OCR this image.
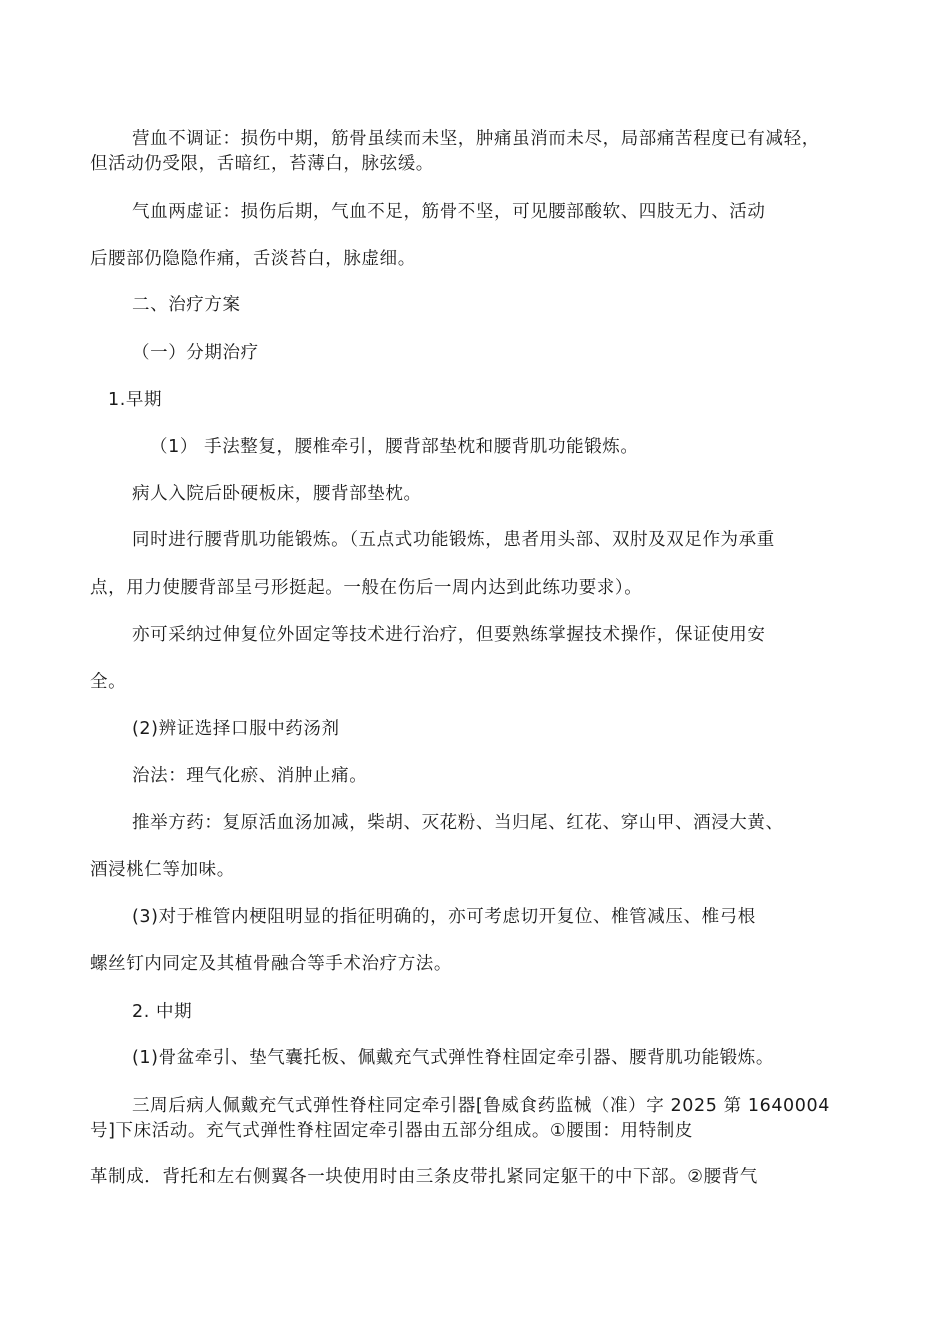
营血不调证：损伤中期，筋骨虽续而未坚，肿痛虽消而未尽，局部痛苦程度已有减轻，
但活动仍受限，舌暗红，苔薄白，脉弦缓。
气血两虚证：损伤后期，气血不足，筋骨不坚，可见腰部酸软、四肢无力、活动
后腰部仍隐隐作痛，舌淡苔白，脉虚细。
二、治疗方案
（一）分期治疗
1.早期
（1） 手法整复，腰椎牵引，腰背部垫枕和腰背肌功能锻炼。
病人入院后卧硬板床，腰背部垫枕。
同时进行腰背肌功能锻炼。（五点式功能锻炼，患者用头部、双肘及双足作为承重
点，用力使腰背部呈弓形挺起。一般在伤后一周内达到此练功要求）。
亦可采纳过伸复位外固定等技术进行治疗，但要熟练掌握技术操作，保证使用安
全。
(2)辨证选择口服中药汤剂
治法：理气化瘀、消肿止痛。
推举方药：复原活血汤加减，柴胡、灭花粉、当归尾、红花、穿山甲、酒浸大黄、
酒浸桃仁等加味。
(3)对于椎管内梗阻明显的指征明确的，亦可考虑切开复位、椎管减压、椎弓根
螺丝钉内同定及其植骨融合等手术治疗方法。
2. 中期
(1)骨盆牵引、垫气囊托板、佩戴充气式弹性脊柱固定牵引器、腰背肌功能锻炼。
三周后病人佩戴充气式弹性脊柱同定牵引器[鲁威食药监械（准）字 2025 第 1640004
号]下床活动。充气式弹性脊柱固定牵引器由五部分组成。①腰围：用特制皮
革制成．背托和左右侧翼各一块使用时由三条皮带扎紧同定躯干的中下部。②腰背气
